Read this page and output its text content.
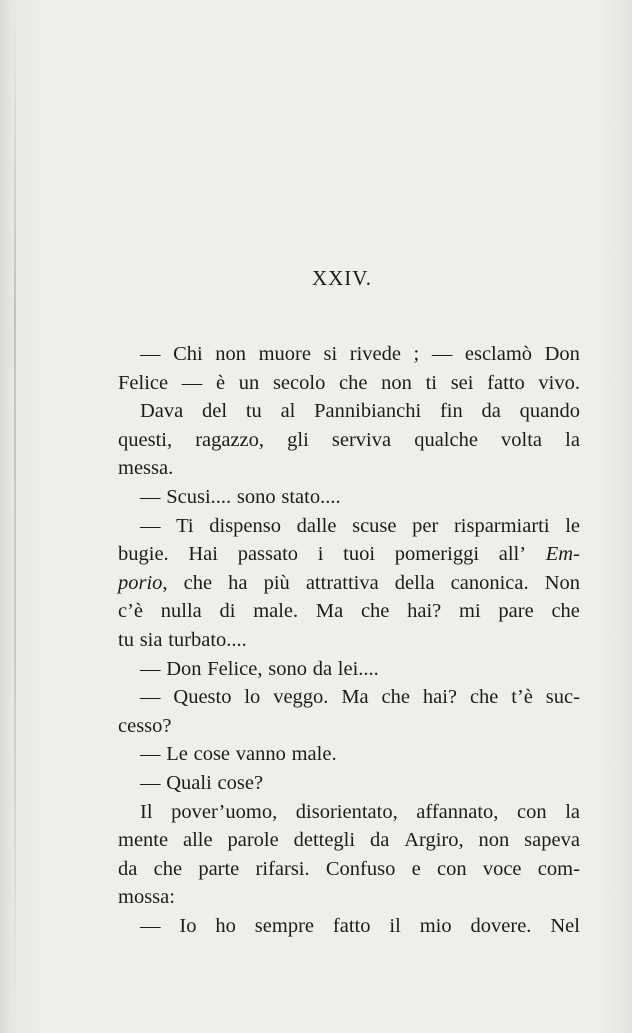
XXIV.
— Chi non muore si rivede ; — esclamò Don
Felice — è un secolo che non ti sei fatto vivo.
Dava del tu al Pannibianchi fin da quando
questi, ragazzo, gli serviva qualche volta la
messa.
— Scusi.... sono stato....
— Ti dispenso dalle scuse per risparmiarti le
bugie. Hai passato i tuoi pomeriggi all’ Em-
porio, che ha più attrattiva della canonica. Non
c’è nulla di male. Ma che hai? mi pare che
tu sia turbato....
— Don Felice, sono da lei....
— Questo lo veggo. Ma che hai? che t’è suc-
cesso?
— Le cose vanno male.
— Quali cose?
Il pover’uomo, disorientato, affannato, con la
mente alle parole dettegli da Argiro, non sapeva
da che parte rifarsi. Confuso e con voce com-
mossa:
— Io ho sempre fatto il mio dovere. Nel
